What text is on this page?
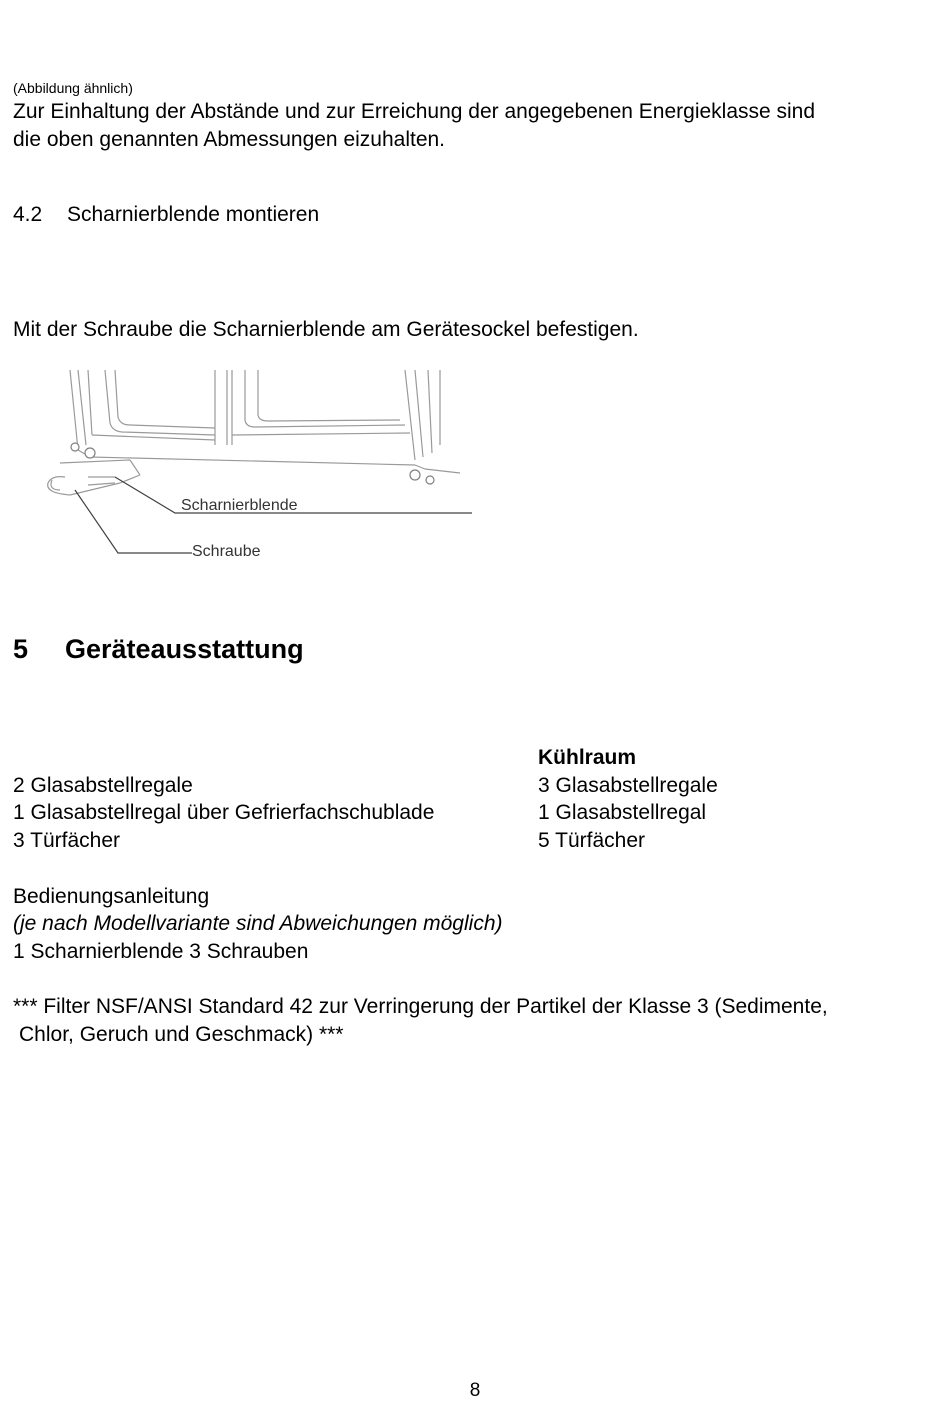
(Abbildung ähnlich)
Zur Einhaltung der Abstände und zur Erreichung der angegebenen Energieklasse sind
die oben genannten Abmessungen eizuhalten.
4.2 Scharnierblende montieren
Mit der Schraube die Scharnierblende am Gerätesockel befestigen.
Scharnierblende
Schraube
5 Geräteausstattung
Kühlraum
2 Glasabstellregale
1 Glasabstellregal über Gefrierfachschublade
3 Türfächer
3 Glasabstellregale
1 Glasabstellregal
5 Türfächer
Bedienungsanleitung
(je nach Modellvariante sind Abweichungen möglich)
1 Scharnierblende 3 Schrauben
*** Filter NSF/ANSI Standard 42 zur Verringerung der Partikel der Klasse 3 (Sedimente,
Chlor, Geruch und Geschmack) ***
8
